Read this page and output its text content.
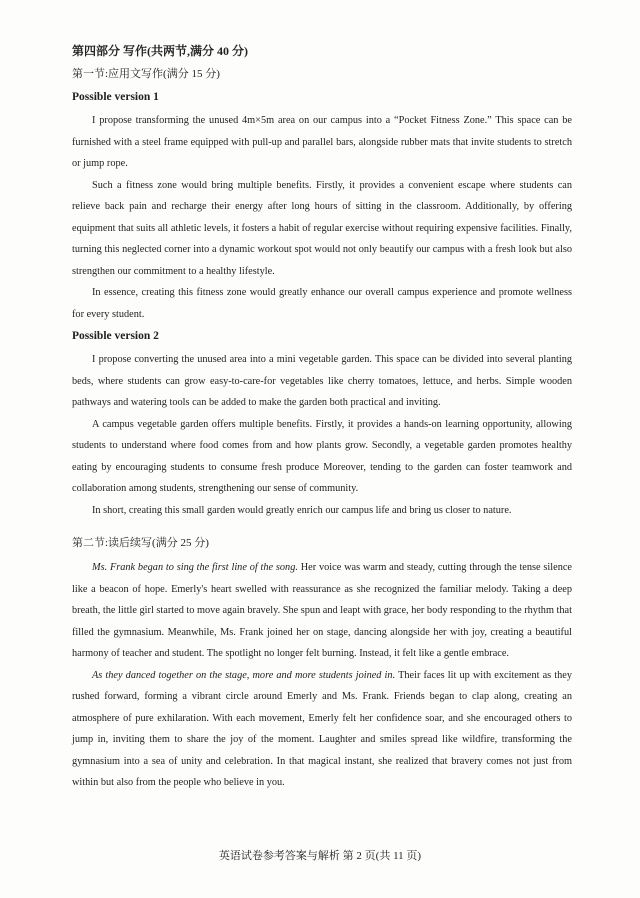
第四部分 写作(共两节,满分 40 分)
第一节:应用文写作(满分 15 分)
Possible version 1

I propose transforming the unused 4m×5m area on our campus into a “Pocket Fitness Zone.” This space can be furnished with a steel frame equipped with pull-up and parallel bars, alongside rubber mats that invite students to stretch or jump rope.

Such a fitness zone would bring multiple benefits. Firstly, it provides a convenient escape where students can relieve back pain and recharge their energy after long hours of sitting in the classroom. Additionally, by offering equipment that suits all athletic levels, it fosters a habit of regular exercise without requiring expensive facilities. Finally, turning this neglected corner into a dynamic workout spot would not only beautify our campus with a fresh look but also strengthen our commitment to a healthy lifestyle.

In essence, creating this fitness zone would greatly enhance our overall campus experience and promote wellness for every student.

Possible version 2

I propose converting the unused area into a mini vegetable garden. This space can be divided into several planting beds, where students can grow easy-to-care-for vegetables like cherry tomatoes, lettuce, and herbs. Simple wooden pathways and watering tools can be added to make the garden both practical and inviting.

A campus vegetable garden offers multiple benefits. Firstly, it provides a hands-on learning opportunity, allowing students to understand where food comes from and how plants grow. Secondly, a vegetable garden promotes healthy eating by encouraging students to consume fresh produce Moreover, tending to the garden can foster teamwork and collaboration among students, strengthening our sense of community.

In short, creating this small garden would greatly enrich our campus life and bring us closer to nature.

第二节:读后续写(满分 25 分)

Ms. Frank began to sing the first line of the song. Her voice was warm and steady, cutting through the tense silence like a beacon of hope. Emerly's heart swelled with reassurance as she recognized the familiar melody. Taking a deep breath, the little girl started to move again bravely. She spun and leapt with grace, her body responding to the rhythm that filled the gymnasium. Meanwhile, Ms. Frank joined her on stage, dancing alongside her with joy, creating a beautiful harmony of teacher and student. The spotlight no longer felt burning. Instead, it felt like a gentle embrace.

As they danced together on the stage, more and more students joined in. Their faces lit up with excitement as they rushed forward, forming a vibrant circle around Emerly and Ms. Frank. Friends began to clap along, creating an atmosphere of pure exhilaration. With each movement, Emerly felt her confidence soar, and she encouraged others to jump in, inviting them to share the joy of the moment. Laughter and smiles spread like wildfire, transforming the gymnasium into a sea of unity and celebration. In that magical instant, she realized that bravery comes not just from within but also from the people who believe in you.

英语试卷参考答案与解析 第 2 页(共 11 页)
